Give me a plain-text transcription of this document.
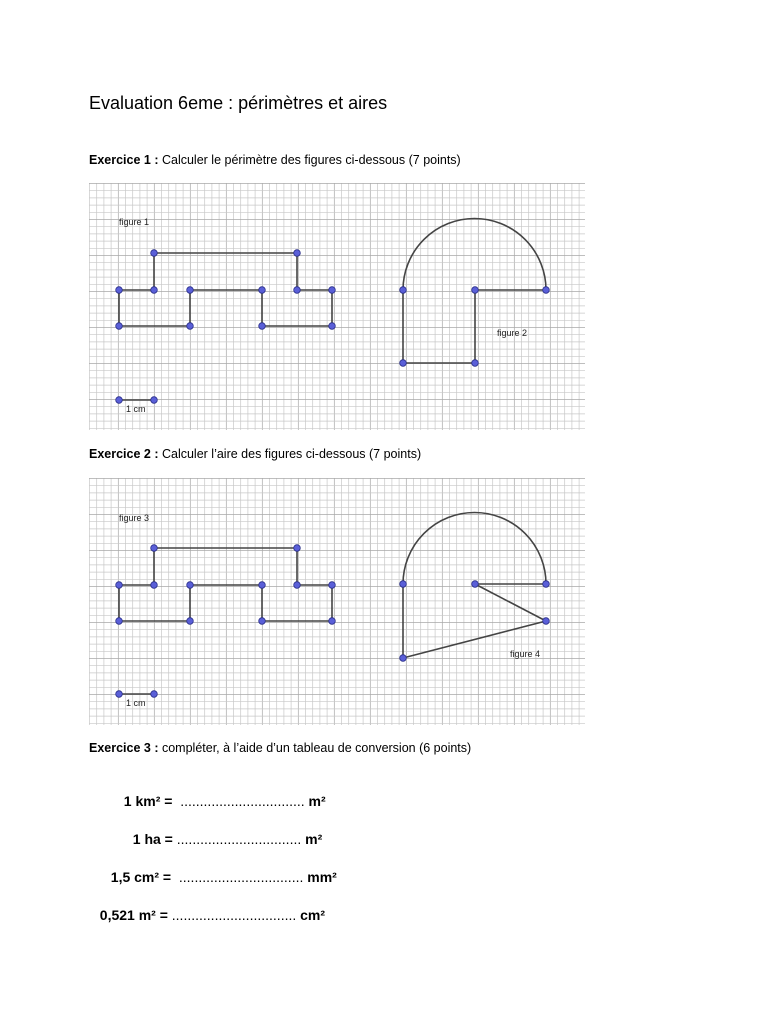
Evaluation 6eme : périmètres et aires
Exercice 1 : Calculer le périmètre des figures ci-dessous (7 points)
figure 1
1 cm
figure 2
Exercice 2 : Calculer l’aire des figures ci-dessous (7 points)
figure 3
1 cm
figure 4
Exercice 3 : compléter, à l’aide d’un tableau de conversion (6 points)

1 km² =  ................................ m²

1 ha = ................................ m²

1,5 cm² =  ................................ mm²

0,521 m² = ................................ cm²
